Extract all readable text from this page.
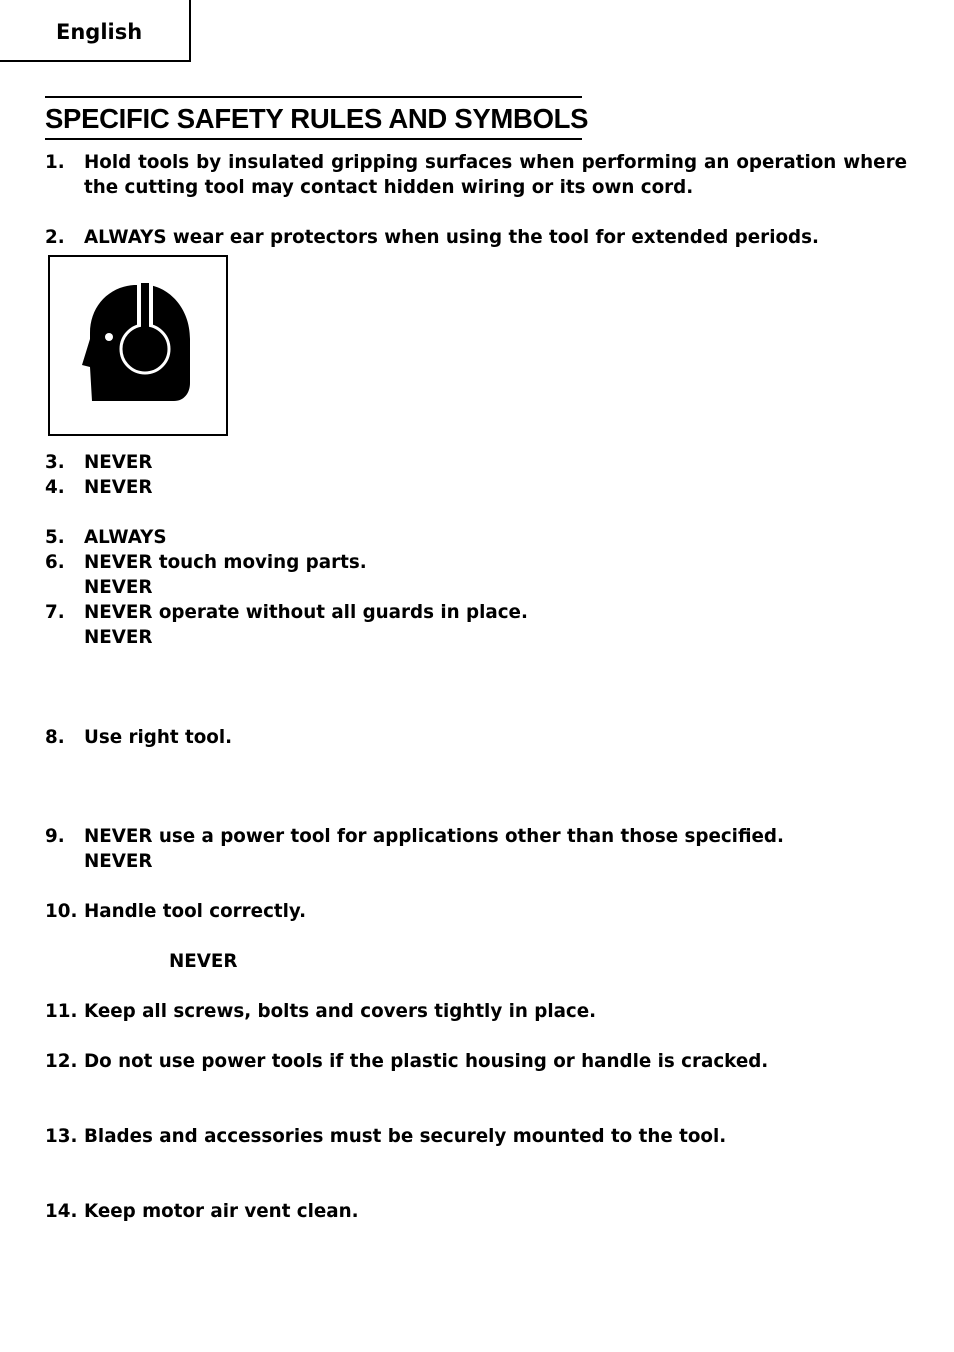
English
SPECIFIC SAFETY RULES AND SYMBOLS
1. Hold tools by insulated gripping surfaces when performing an operation where the cutting tool may contact hidden wiring or its own cord.
2. ALWAYS wear ear protectors when using the tool for extended periods.
3. NEVER
4. NEVER
5. ALWAYS
6. NEVER touch moving parts.
NEVER
7. NEVER operate without all guards in place.
NEVER
8. Use right tool.
9. NEVER use a power tool for applications other than those specified.
NEVER
10. Handle tool correctly.
NEVER
11. Keep all screws, bolts and covers tightly in place.
12. Do not use power tools if the plastic housing or handle is cracked.
13. Blades and accessories must be securely mounted to the tool.
14. Keep motor air vent clean.
